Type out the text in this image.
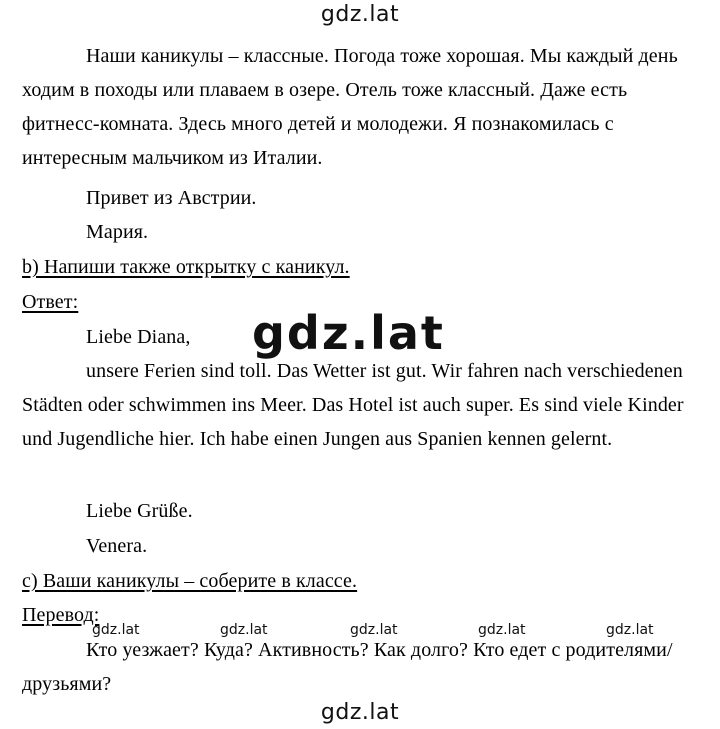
gdz.lat
gdz.lat
gdz.lat
gdz.lat	gdz.lat	gdz.lat	gdz.lat	gdz.lat

Наши каникулы – классные. Погода тоже хорошая. Мы каждый день

ходим в походы или плаваем в озере. Отель тоже классный. Даже есть

фитнесс-комната. Здесь много детей и молодежи. Я познакомилась с

интересным мальчиком из Италии.

Привет из Австрии.
Мария.
b) Напиши также открытку с каникул.
Ответ:
Liebe Diana,

unsere Ferien sind toll. Das Wetter ist gut. Wir fahren nach verschiedenen

Städten oder schwimmen ins Meer. Das Hotel ist auch super. Es sind viele Kinder

und Jugendliche hier. Ich habe einen Jungen aus Spanien kennen gelernt.

Liebe Grüße.
Venera.
c) Ваши каникулы – соберите в классе.
Перевод:

Кто уезжает? Куда? Активность? Как долго? Кто едет с родителями/

друзьями?
